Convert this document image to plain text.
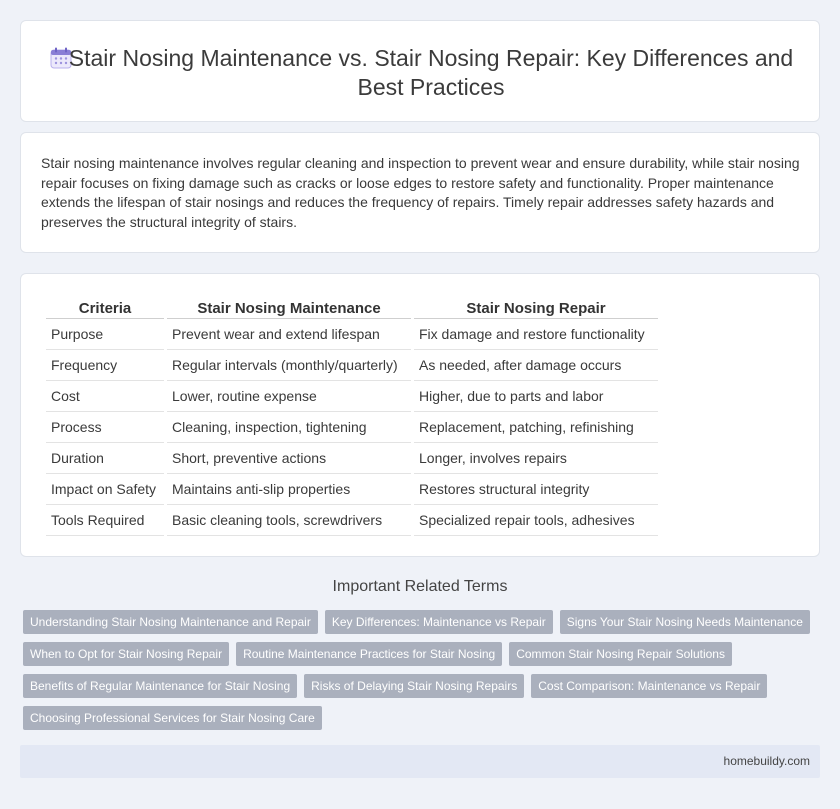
Stair Nosing Maintenance vs. Stair Nosing Repair: Key Differences and Best Practices

Stair nosing maintenance involves regular cleaning and inspection to prevent wear and ensure durability, while stair nosing repair focuses on fixing damage such as cracks or loose edges to restore safety and functionality. Proper maintenance extends the lifespan of stair nosings and reduces the frequency of repairs. Timely repair addresses safety hazards and preserves the structural integrity of stairs.

Criteria	Stair Nosing Maintenance	Stair Nosing Repair
Purpose	Prevent wear and extend lifespan	Fix damage and restore functionality
Frequency	Regular intervals (monthly/quarterly)	As needed, after damage occurs
Cost	Lower, routine expense	Higher, due to parts and labor
Process	Cleaning, inspection, tightening	Replacement, patching, refinishing
Duration	Short, preventive actions	Longer, involves repairs
Impact on Safety	Maintains anti-slip properties	Restores structural integrity
Tools Required	Basic cleaning tools, screwdrivers	Specialized repair tools, adhesives
Important Related Terms
Understanding Stair Nosing Maintenance and Repair	Key Differences: Maintenance vs Repair	Signs Your Stair Nosing Needs Maintenance
When to Opt for Stair Nosing Repair	Routine Maintenance Practices for Stair Nosing	Common Stair Nosing Repair Solutions
Benefits of Regular Maintenance for Stair Nosing	Risks of Delaying Stair Nosing Repairs	Cost Comparison: Maintenance vs Repair
Choosing Professional Services for Stair Nosing Care
homebuildy.com
